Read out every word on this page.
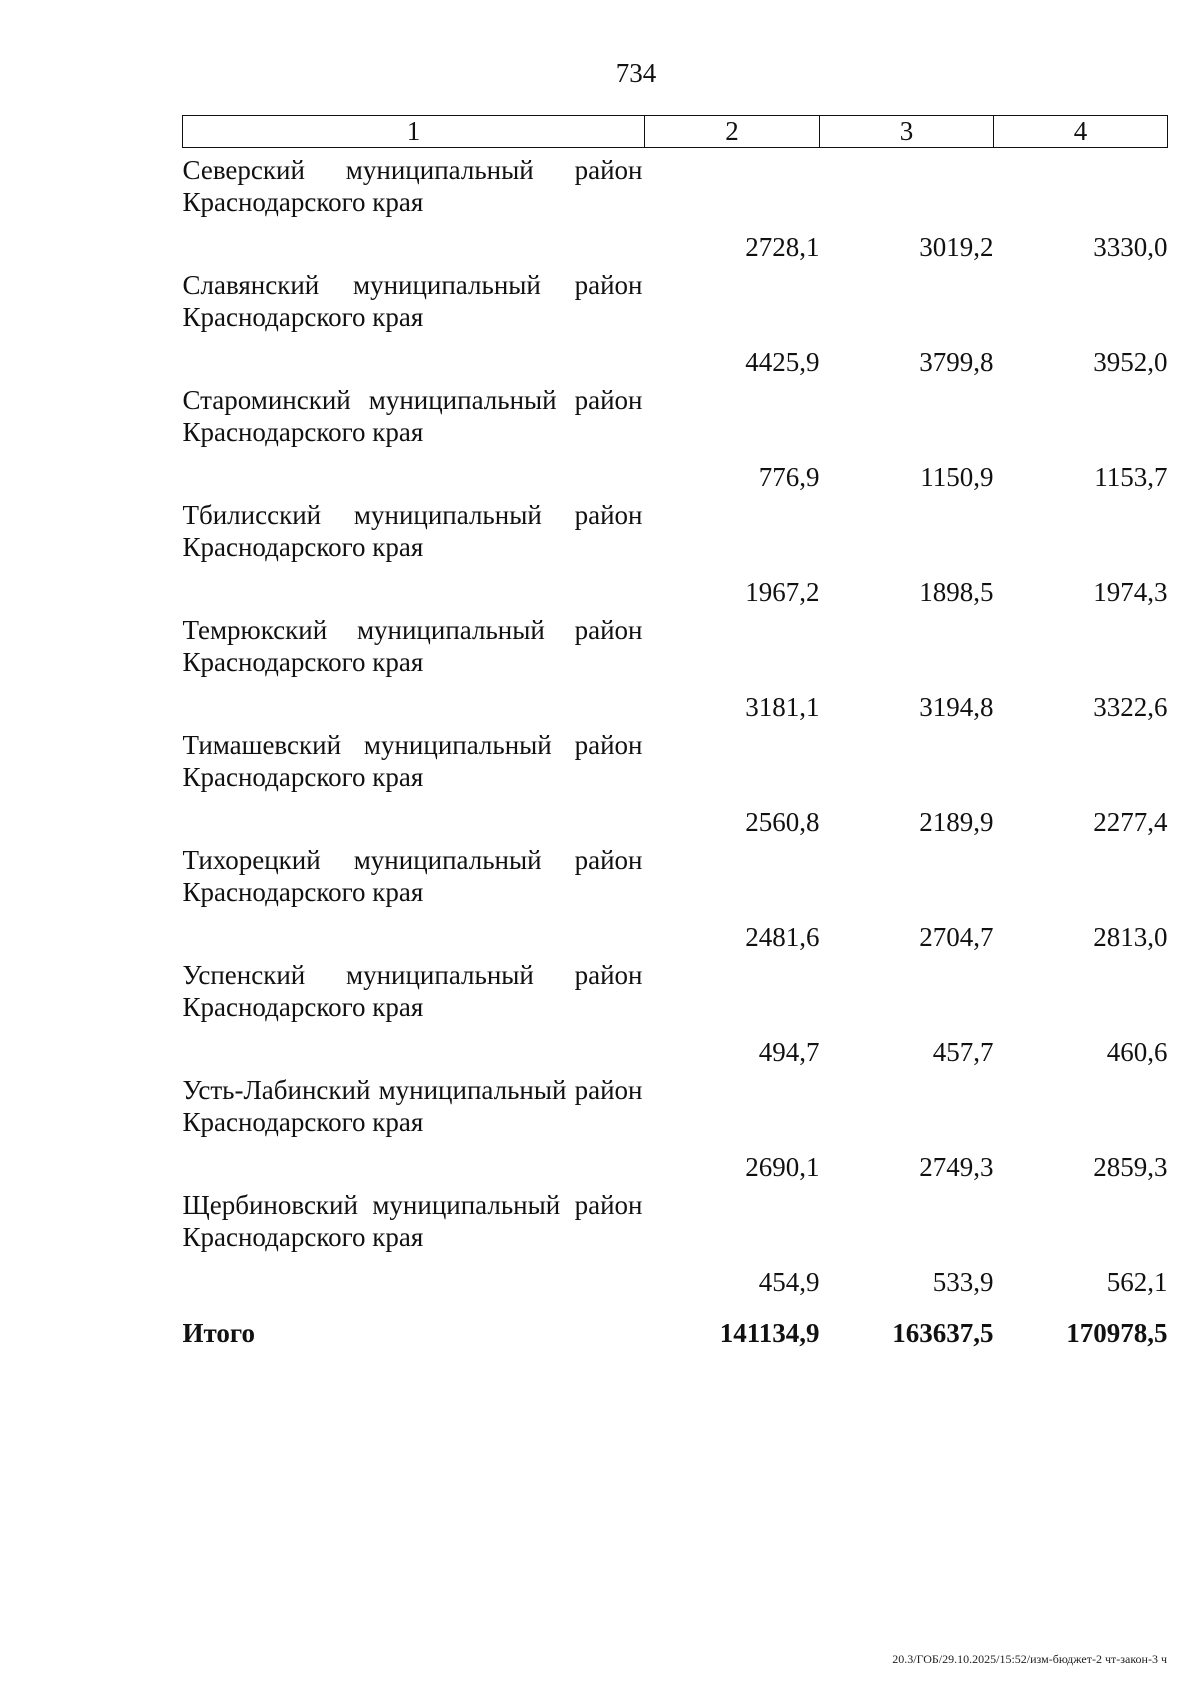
734
1	2	3	4

Северский муниципальный район Краснодарского края	2728,1	3019,2	3330,0

Славянский муниципальный район Краснодарского края	4425,9	3799,8	3952,0

Староминский муниципальный район Краснодарского края	776,9	1150,9	1153,7

Тбилисский муниципальный район Краснодарского края	1967,2	1898,5	1974,3

Темрюкский муниципальный район Краснодарского края	3181,1	3194,8	3322,6

Тимашевский муниципальный район Краснодарского края	2560,8	2189,9	2277,4

Тихорецкий муниципальный район Краснодарского края	2481,6	2704,7	2813,0

Успенский муниципальный район Краснодарского края	494,7	457,7	460,6

Усть-Лабинский муниципальный район Краснодарского края	2690,1	2749,3	2859,3

Щербиновский муниципальный район Краснодарского края	454,9	533,9	562,1

Итого	141134,9	163637,5	170978,5
20.3/ГОБ/29.10.2025/15:52/изм-бюджет-2 чт-закон-3 ч
